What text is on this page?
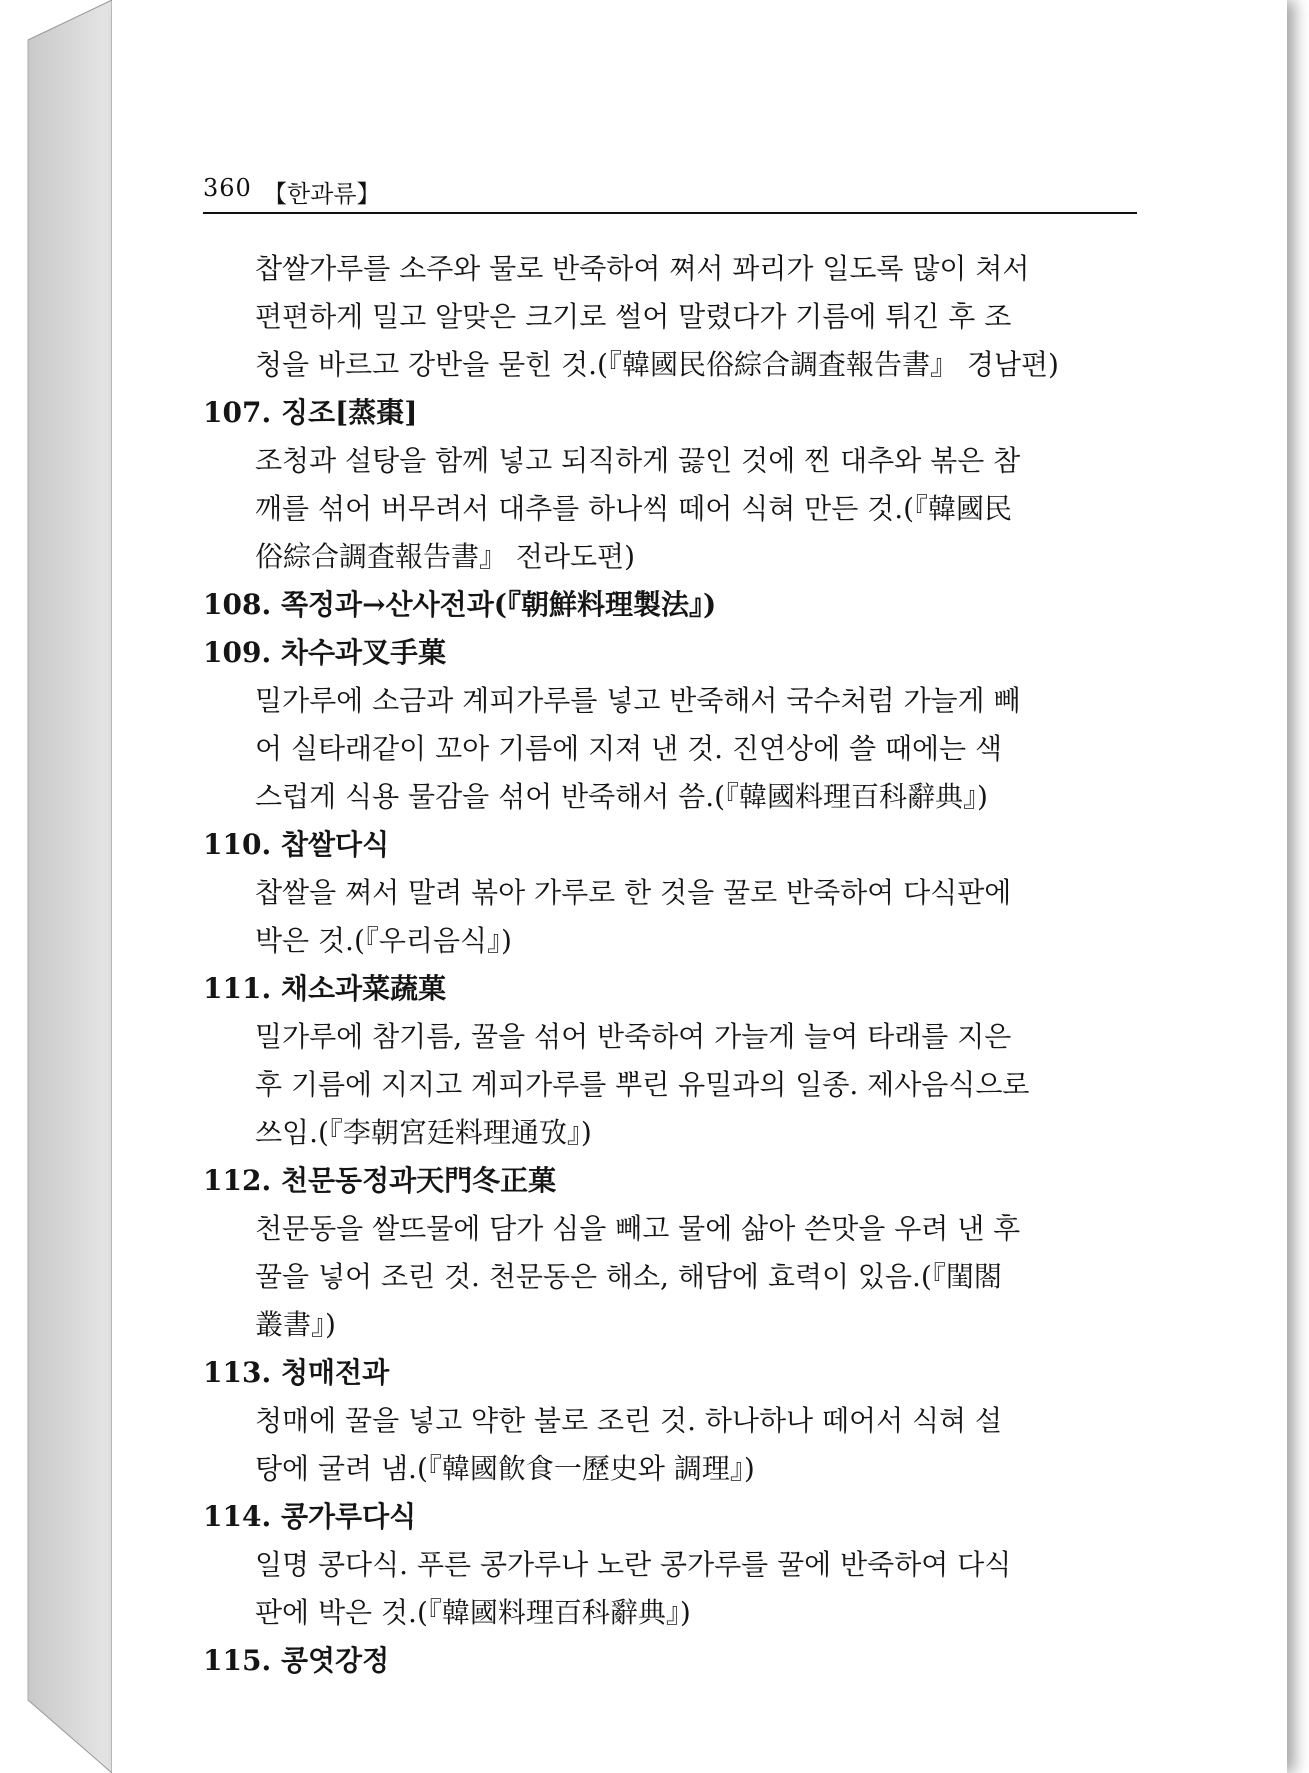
360 【한과류】
찹쌀가루를 소주와 물로 반죽하여 쪄서 꽈리가 일도록 많이 쳐서
편편하게 밀고 알맞은 크기로 썰어 말렸다가 기름에 튀긴 후 조
청을 바르고 강반을 묻힌 것.(『韓國民俗綜合調査報告書』 경남편)
107. 징조[蒸棗]
조청과 설탕을 함께 넣고 되직하게 끓인 것에 찐 대추와 볶은 참
깨를 섞어 버무려서 대추를 하나씩 떼어 식혀 만든 것.(『韓國民
俗綜合調査報告書』 전라도편)
108. 쪽정과→산사전과(『朝鮮料理製法』)
109. 차수과叉手菓
밀가루에 소금과 계피가루를 넣고 반죽해서 국수처럼 가늘게 빼
어 실타래같이 꼬아 기름에 지져 낸 것. 진연상에 쓸 때에는 색
스럽게 식용 물감을 섞어 반죽해서 씀.(『韓國料理百科辭典』)
110. 찹쌀다식
찹쌀을 쪄서 말려 볶아 가루로 한 것을 꿀로 반죽하여 다식판에
박은 것.(『우리음식』)
111. 채소과菜蔬菓
밀가루에 참기름, 꿀을 섞어 반죽하여 가늘게 늘여 타래를 지은
후 기름에 지지고 계피가루를 뿌린 유밀과의 일종. 제사음식으로
쓰임.(『李朝宮廷料理通攷』)
112. 천문동정과天門冬正菓
천문동을 쌀뜨물에 담가 심을 빼고 물에 삶아 쓴맛을 우려 낸 후
꿀을 넣어 조린 것. 천문동은 해소, 해담에 효력이 있음.(『閨閤
叢書』)
113. 청매전과
청매에 꿀을 넣고 약한 불로 조린 것. 하나하나 떼어서 식혀 설
탕에 굴려 냄.(『韓國飮食一歷史와 調理』)
114. 콩가루다식
일명 콩다식. 푸른 콩가루나 노란 콩가루를 꿀에 반죽하여 다식
판에 박은 것.(『韓國料理百科辭典』)
115. 콩엿강정
